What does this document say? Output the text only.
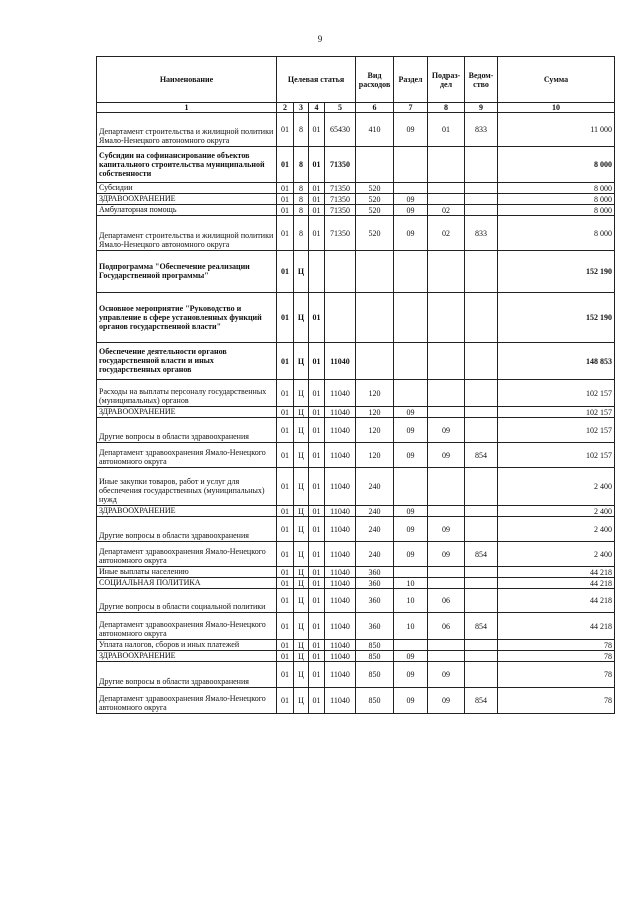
9
Наименование	Целевая статья				Вид расходов	Раздел	Подраз-дел	Ведом-ство	Сумма
1	2	3	4	5	6	7	8	9	10
Департамент строительства и жилищной политики Ямало-Ненецкого автономного округа	01	8	01	65430	410	09	01	833	11 000
Субсидии на софинансирование объектов капитального строительства муниципальной собственности	01	8	01	71350					8 000
Субсидии	01	8	01	71350	520				8 000
ЗДРАВООХРАНЕНИЕ	01	8	01	71350	520	09			8 000
Амбулаторная помощь	01	8	01	71350	520	09	02		8 000
Департамент строительства и жилищной политики Ямало-Ненецкого автономного округа	01	8	01	71350	520	09	02	833	8 000
Подпрограмма "Обеспечение реализации Государственной программы"	01	Ц							152 190
Основное мероприятие "Руководство и управление в сфере установленных функций органов государственной власти"	01	Ц	01						152 190
Обеспечение деятельности органов государственной власти и иных государственных органов	01	Ц	01	11040					148 853
Расходы на выплаты персоналу государственных (муниципальных) органов	01	Ц	01	11040	120				102 157
ЗДРАВООХРАНЕНИЕ	01	Ц	01	11040	120	09			102 157
Другие вопросы в области здравоохранения	01	Ц	01	11040	120	09	09		102 157
Департамент здравоохранения Ямало-Ненецкого автономного округа	01	Ц	01	11040	120	09	09	854	102 157
Иные закупки товаров, работ и услуг для обеспечения государственных (муниципальных) нужд	01	Ц	01	11040	240				2 400
ЗДРАВООХРАНЕНИЕ	01	Ц	01	11040	240	09			2 400
Другие вопросы в области здравоохранения	01	Ц	01	11040	240	09	09		2 400
Департамент здравоохранения Ямало-Ненецкого автономного округа	01	Ц	01	11040	240	09	09	854	2 400
Иные выплаты населению	01	Ц	01	11040	360				44 218
СОЦИАЛЬНАЯ ПОЛИТИКА	01	Ц	01	11040	360	10			44 218
Другие вопросы в области социальной политики	01	Ц	01	11040	360	10	06		44 218
Департамент здравоохранения Ямало-Ненецкого автономного округа	01	Ц	01	11040	360	10	06	854	44 218
Уплата налогов, сборов и иных платежей	01	Ц	01	11040	850				78
ЗДРАВООХРАНЕНИЕ	01	Ц	01	11040	850	09			78
Другие вопросы в области здравоохранения	01	Ц	01	11040	850	09	09		78
Департамент здравоохранения Ямало-Ненецкого автономного округа	01	Ц	01	11040	850	09	09	854	78
